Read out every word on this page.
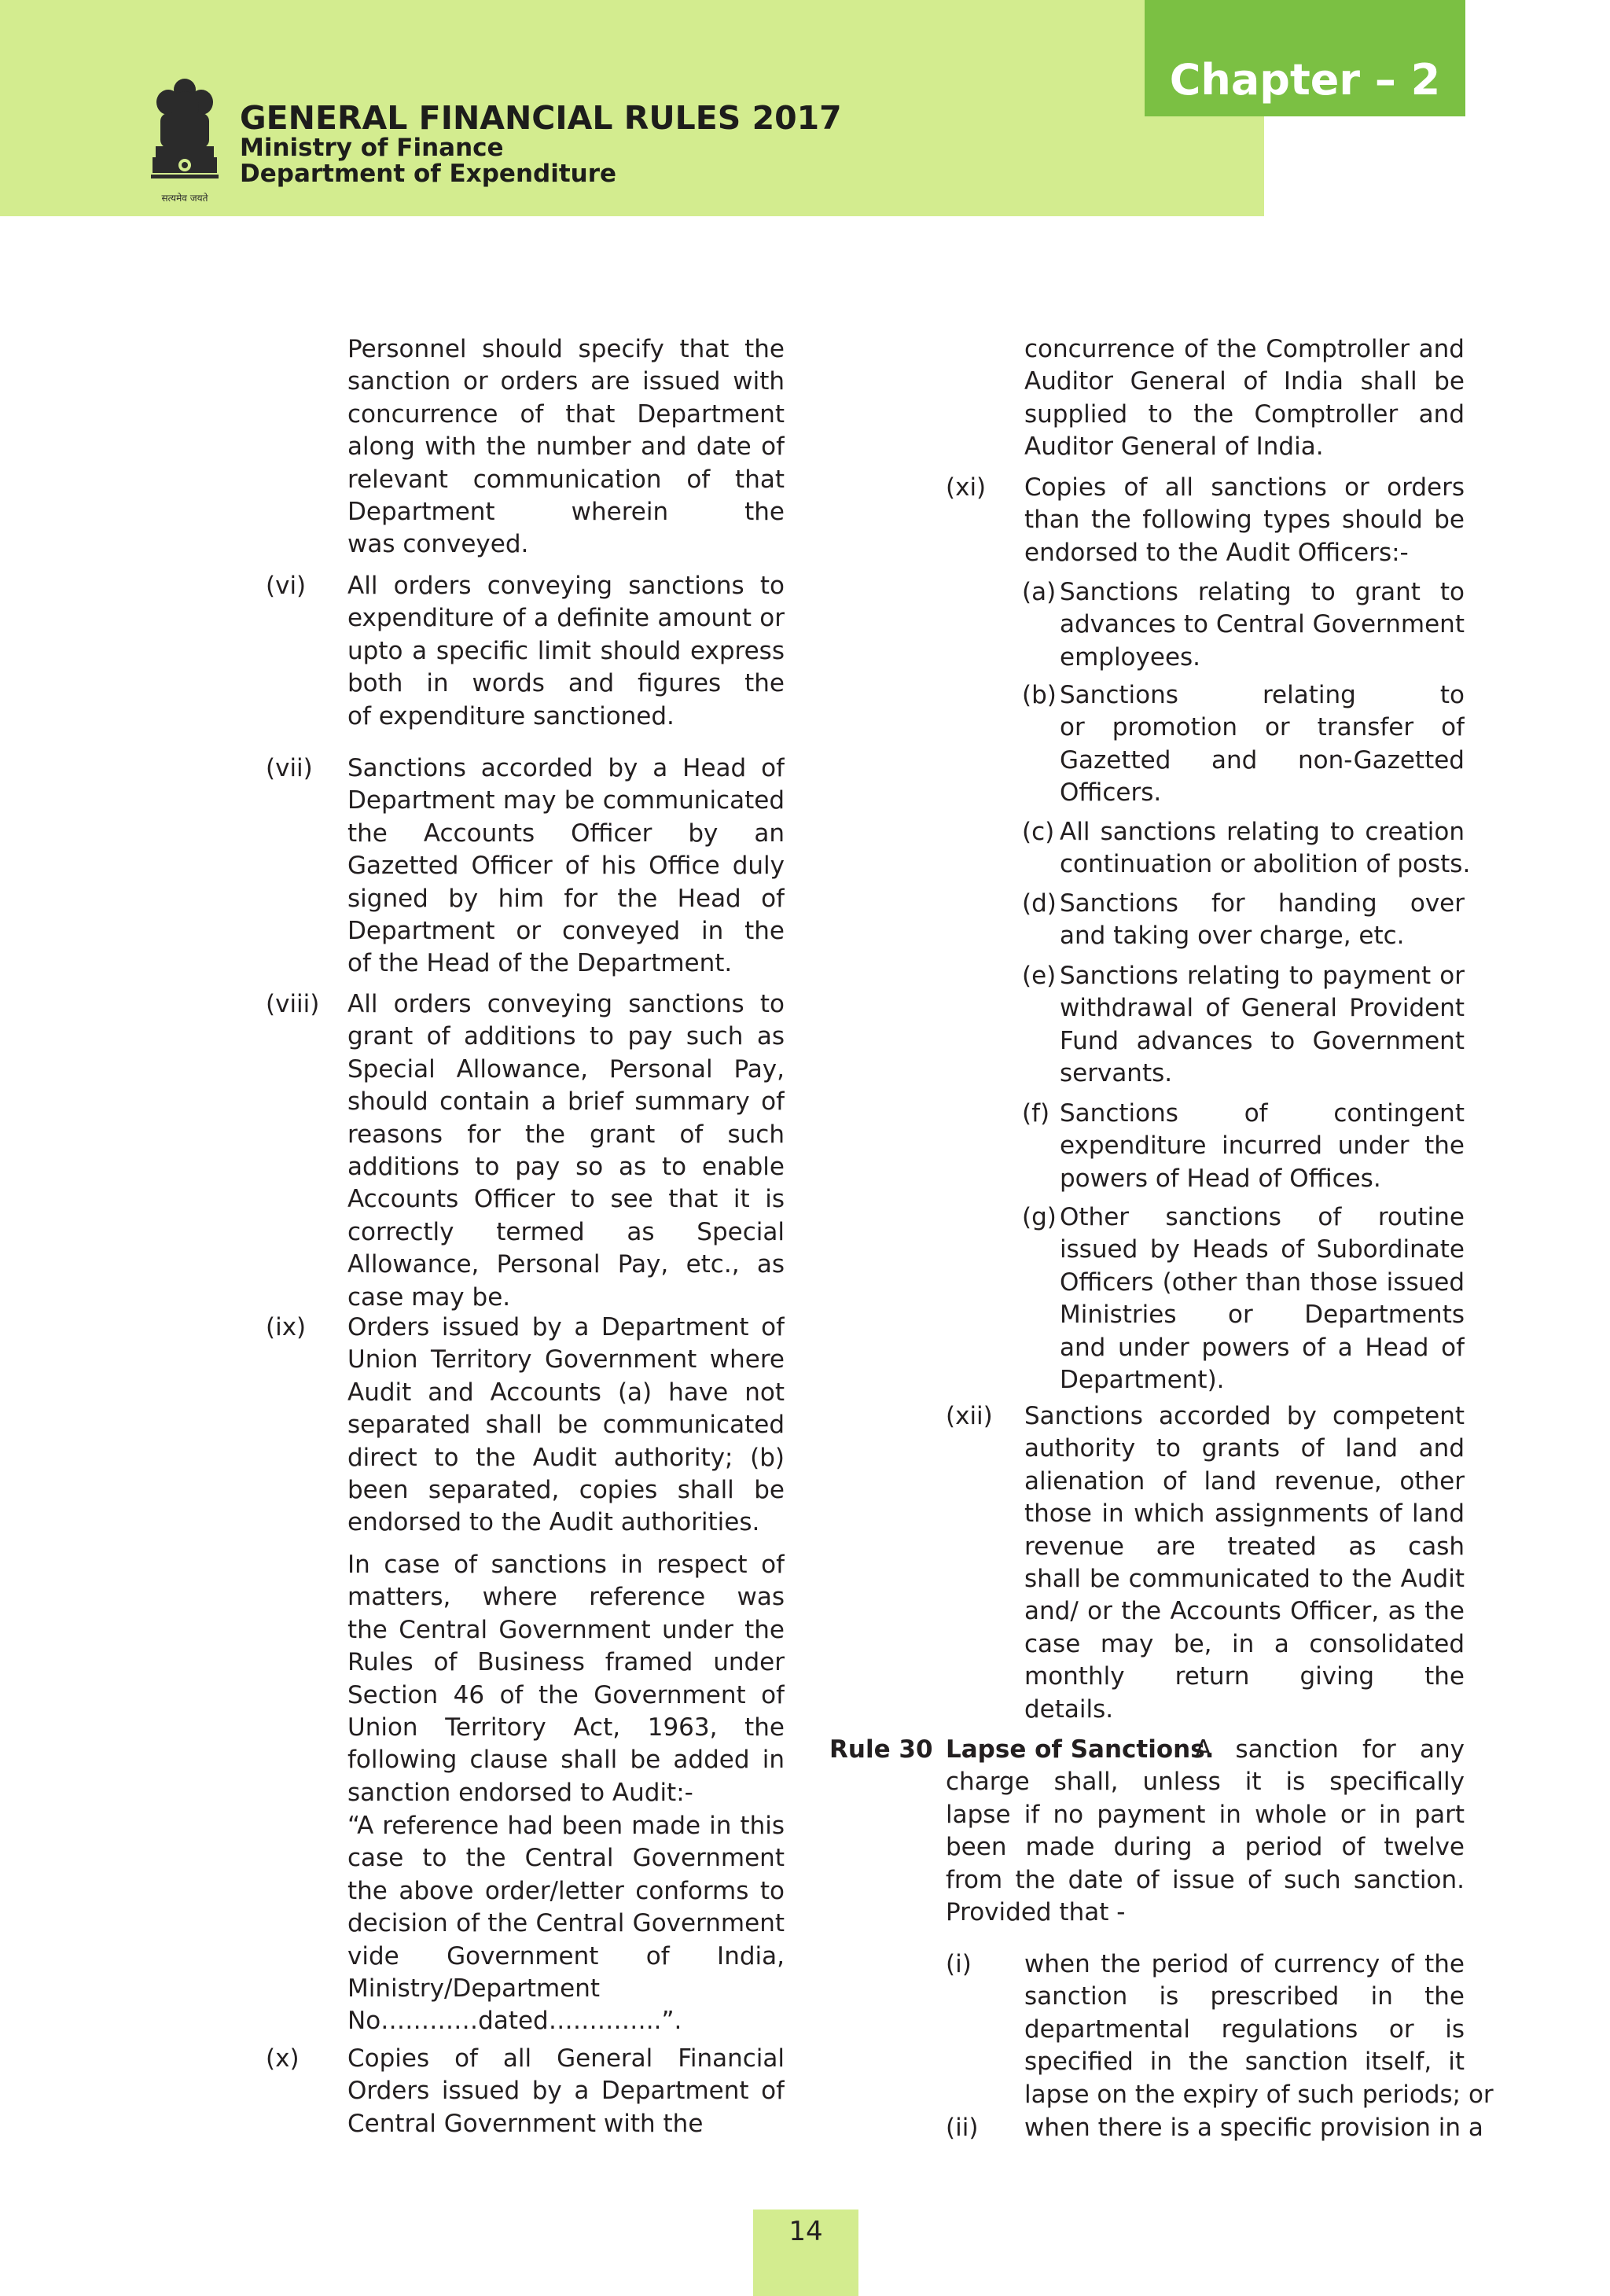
Chapter – 2
सत्यमेव जयते
GENERAL FINANCIAL RULES 2017
Ministry of Finance
Department of Expenditure
Personnel should specify that the
sanction or orders are issued with
concurrence of that Department
along with the number and date of
relevant communication of that
Department wherein the
was conveyed.
(vi) All orders conveying sanctions to
expenditure of a definite amount or
upto a specific limit should express
both in words and figures the
of expenditure sanctioned.
(vii) Sanctions accorded by a Head of
Department may be communicated
the Accounts Officer by an
Gazetted Officer of his Office duly
signed by him for the Head of
Department or conveyed in the
of the Head of the Department.
(viii) All orders conveying sanctions to
grant of additions to pay such as
Special Allowance, Personal Pay,
should contain a brief summary of
reasons for the grant of such
additions to pay so as to enable
Accounts Officer to see that it is
correctly termed as Special
Allowance, Personal Pay, etc., as
case may be.
(ix) Orders issued by a Department of
Union Territory Government where
Audit and Accounts (a) have not
separated shall be communicated
direct to the Audit authority; (b)
been separated, copies shall be
endorsed to the Audit authorities.
In case of sanctions in respect of
matters, where reference was
the Central Government under the
Rules of Business framed under
Section 46 of the Government of
Union Territory Act, 1963, the
following clause shall be added in
sanction endorsed to Audit:-
“A reference had been made in this
case to the Central Government
the above order/letter conforms to
decision of the Central Government
vide Government of India,
Ministry/Department
No…………dated…………..”.
(x) Copies of all General Financial
Orders issued by a Department of
Central Government with the
concurrence of the Comptroller and
Auditor General of India shall be
supplied to the Comptroller and
Auditor General of India.
(xi) Copies of all sanctions or orders
than the following types should be
endorsed to the Audit Officers:-
(a) Sanctions relating to grant to
advances to Central Government
employees.
(b) Sanctions relating to
or promotion or transfer of
Gazetted and non-Gazetted
Officers.
(c) All sanctions relating to creation
continuation or abolition of posts.
(d) Sanctions for handing over
and taking over charge, etc.
(e) Sanctions relating to payment or
withdrawal of General Provident
Fund advances to Government
servants.
(f) Sanctions of contingent
expenditure incurred under the
powers of Head of Offices.
(g) Other sanctions of routine
issued by Heads of Subordinate
Officers (other than those issued
Ministries or Departments
and under powers of a Head of
Department).
(xii) Sanctions accorded by competent
authority to grants of land and
alienation of land revenue, other
those in which assignments of land
revenue are treated as cash
shall be communicated to the Audit
and/ or the Accounts Officer, as the
case may be, in a consolidated
monthly return giving the
details.
Rule 30 Lapse of Sanctions.
A sanction for any
charge shall, unless it is specifically
lapse if no payment in whole or in part
been made during a period of twelve
from the date of issue of such sanction.
Provided that -
(i) when the period of currency of the
sanction is prescribed in the
departmental regulations or is
specified in the sanction itself, it
lapse on the expiry of such periods; or
(ii) when there is a specific provision in a
14
